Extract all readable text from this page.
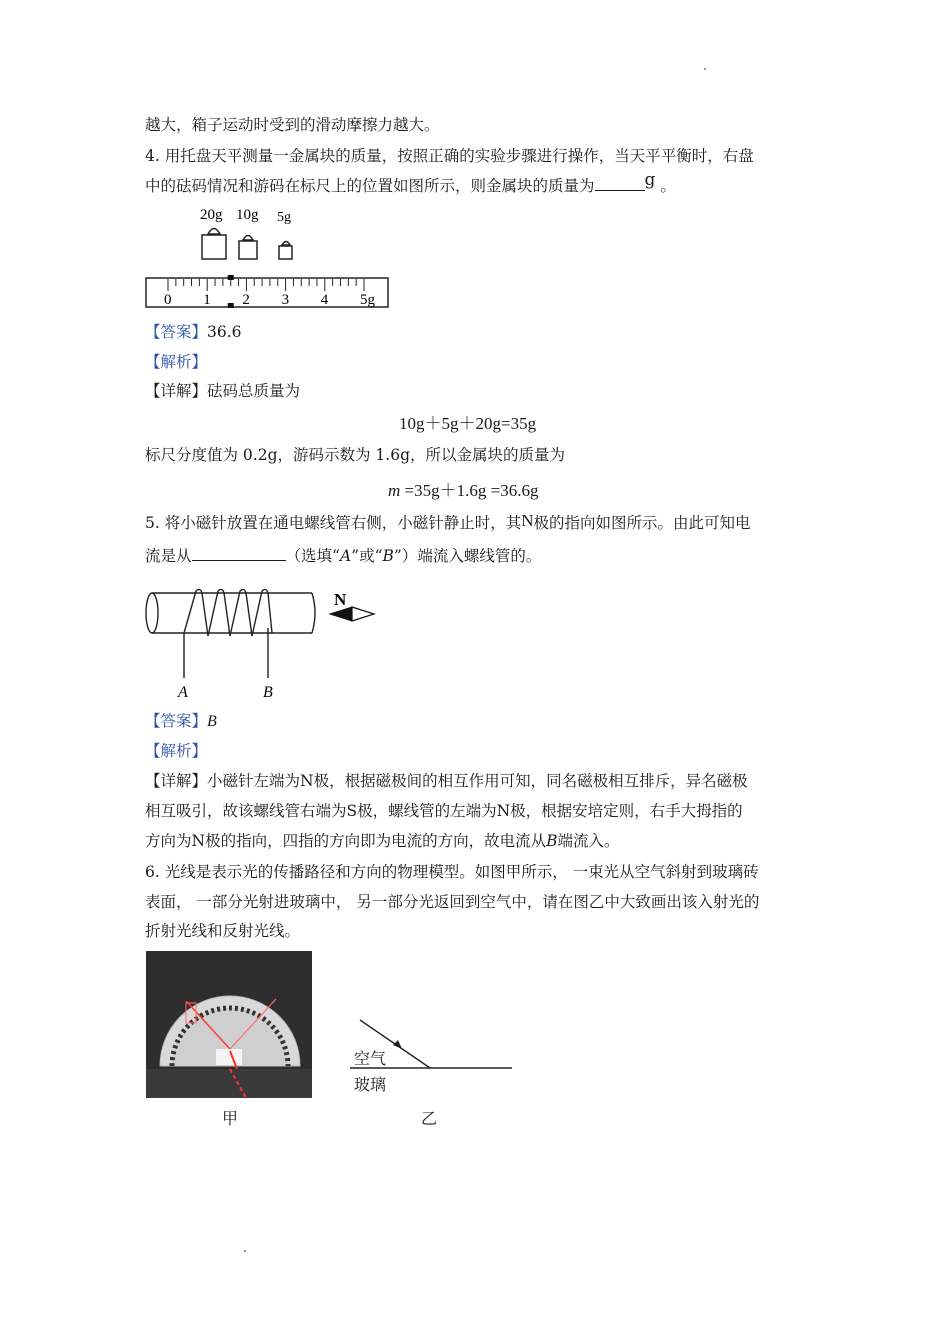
越大，箱子运动时受到的滑动摩擦力越大。
4. 用托盘天平测量一金属块的质量，按照正确的实验步骤进行操作，当天平平衡时，右盘
中的砝码情况和游码在标尺上的位置如图所示，则金属块的质量为	g 。
20g 10g 5g
0 1 2 3 4 5g
【答案】36.6
【解析】
【详解】砝码总质量为
10g＋5g＋20g=35g
标尺分度值为 0.2g，游码示数为 1.6g，所以金属块的质量为
m =35g＋1.6g =36.6g
5. 将小磁针放置在通电螺线管右侧，小磁针静止时，其N极的指向如图所示。由此可知电
流是从	（选填“A”或“B”）端流入螺线管的。
A	B
N
【答案】B
【解析】
【详解】小磁针左端为N极，根据磁极间的相互作用可知，同名磁极相互排斥，异名磁极
相互吸引，故该螺线管右端为S极，螺线管的左端为N极，根据安培定则，右手大拇指的
方向为N极的指向，四指的方向即为电流的方向，故电流从B端流入。
6. 光线是表示光的传播路径和方向的物理模型。如图甲所示， 一束光从空气斜射到玻璃砖
表面， 一部分光射进玻璃中， 另一部分光返回到空气中，请在图乙中大致画出该入射光的
折射光线和反射光线。
甲
空气
玻璃
乙
